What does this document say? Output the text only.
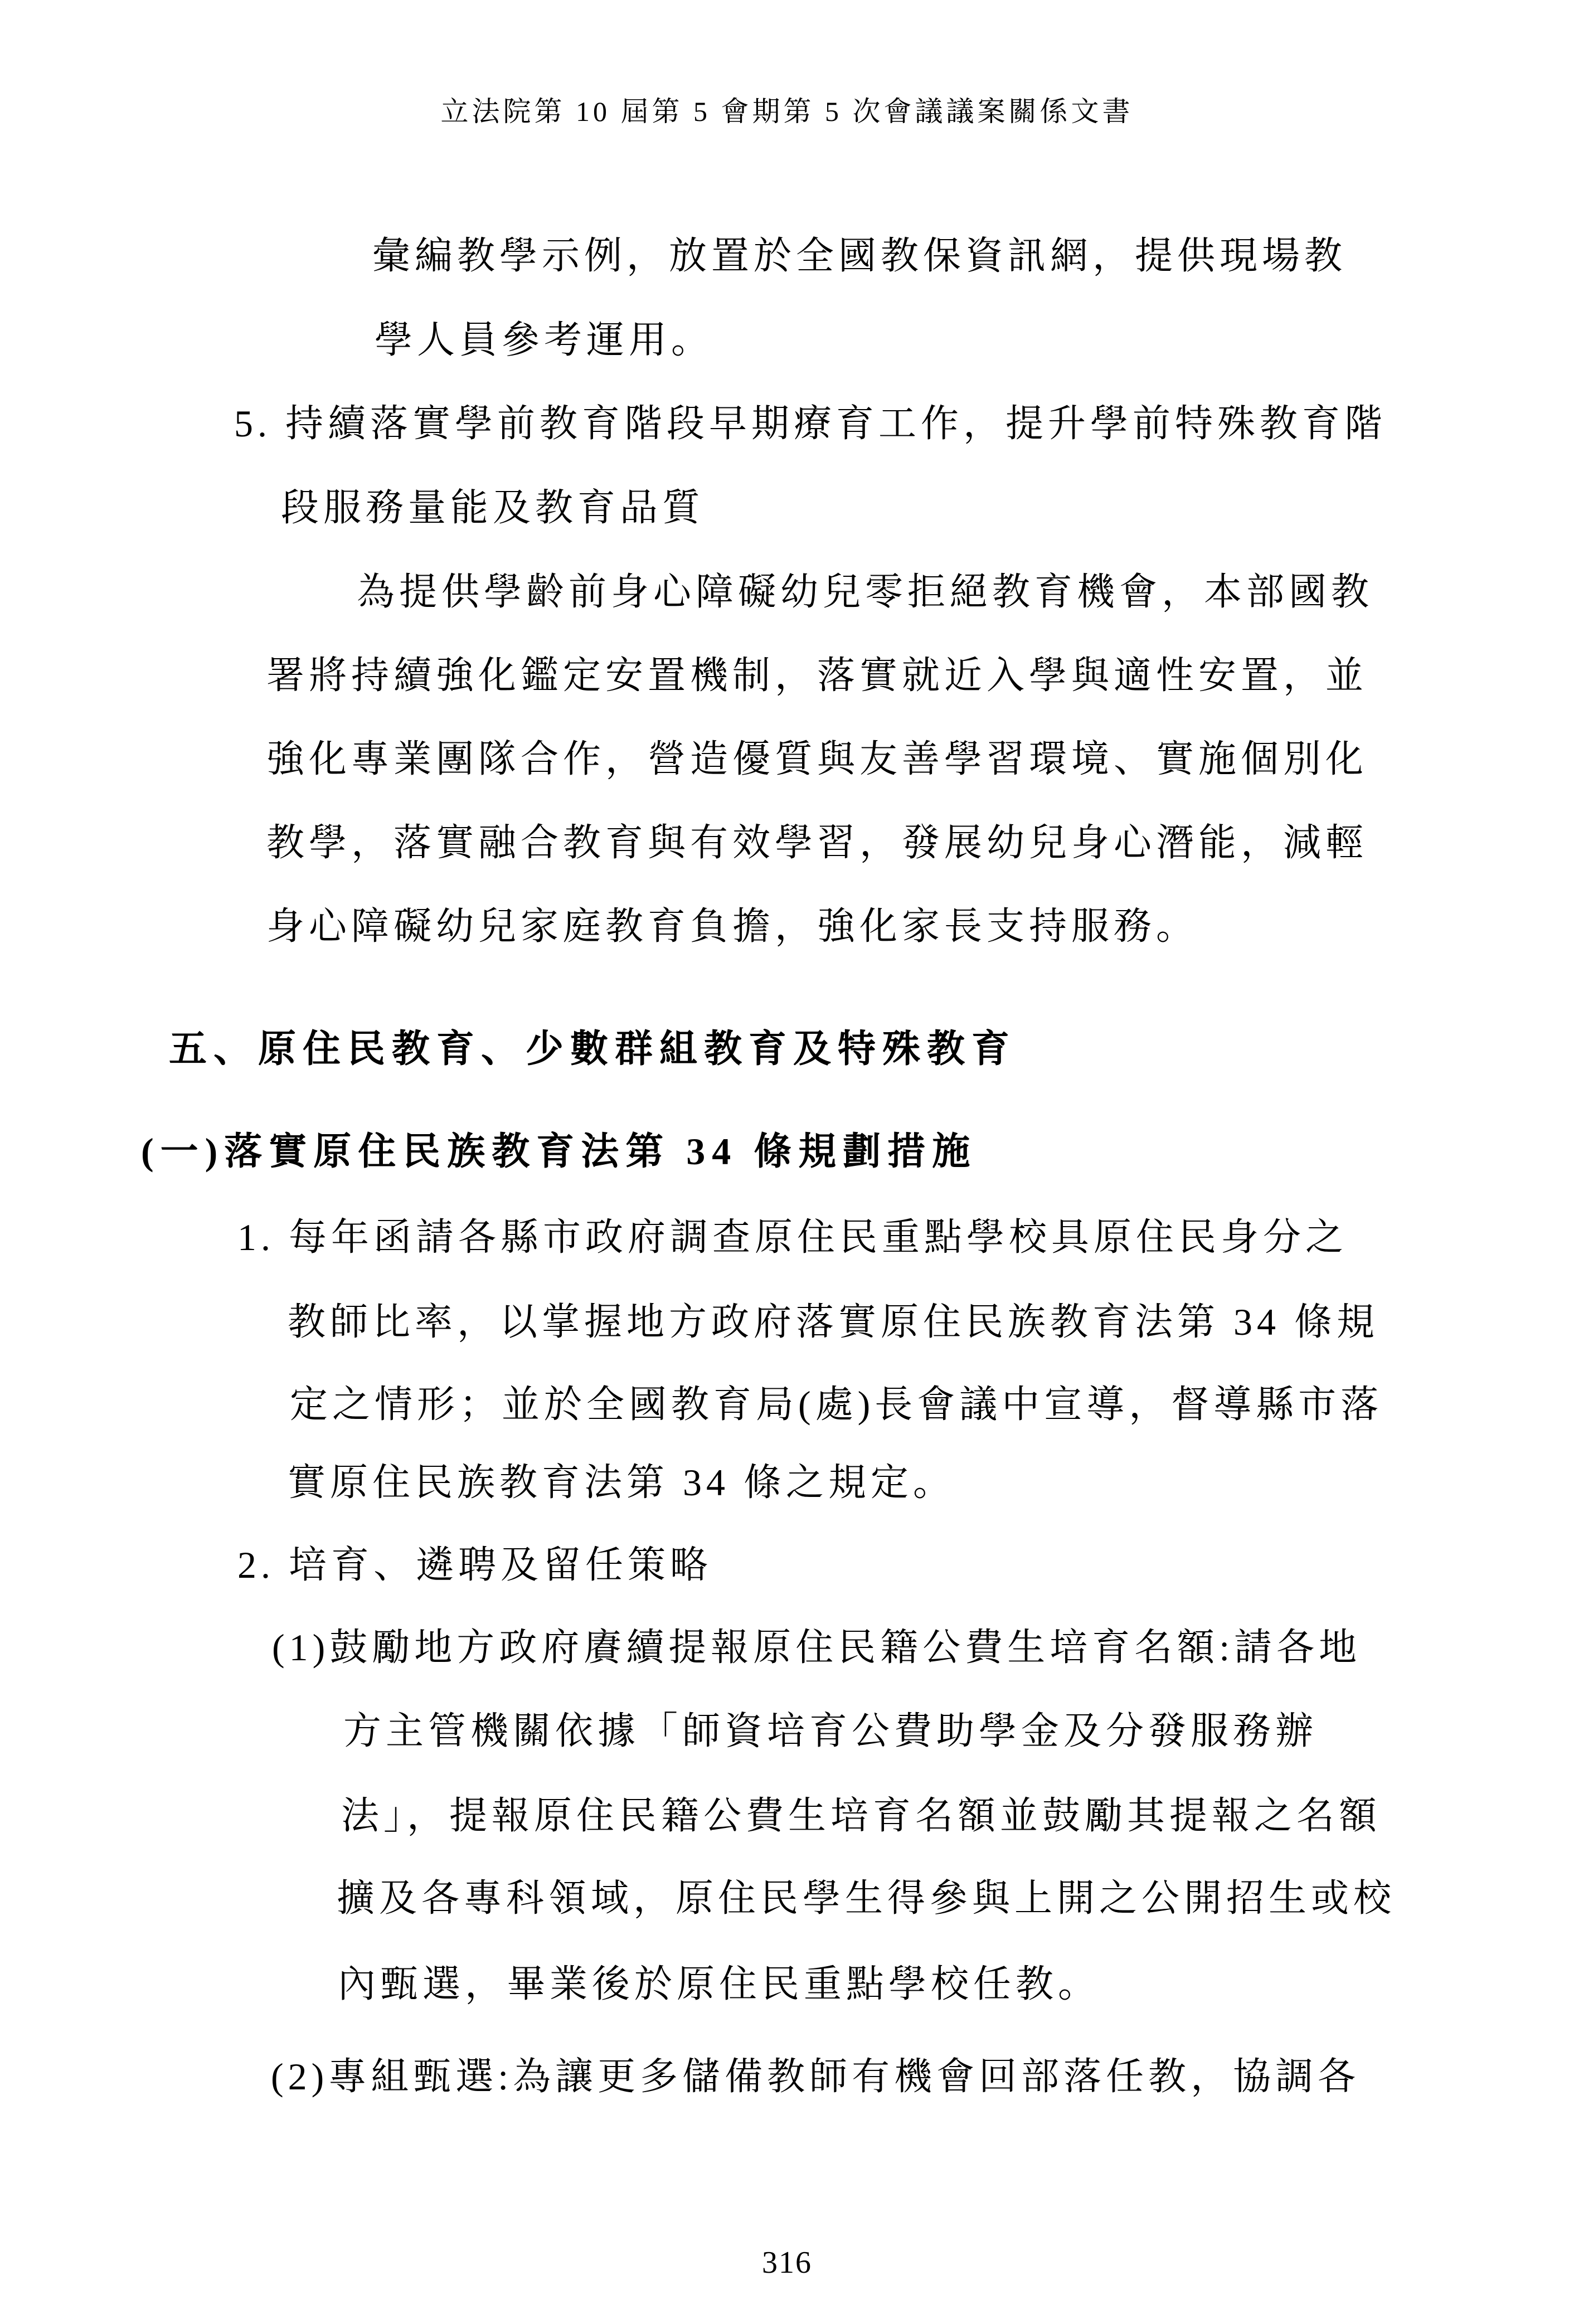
立法院第 10 屆第 5 會期第 5 次會議議案關係文書
彙編教學示例，放置於全國教保資訊網，提供現場教
學人員參考運用。
5. 持續落實學前教育階段早期療育工作，提升學前特殊教育階
段服務量能及教育品質
為提供學齡前身心障礙幼兒零拒絕教育機會，本部國教
署將持續強化鑑定安置機制，落實就近入學與適性安置，並
強化專業團隊合作，營造優質與友善學習環境、實施個別化
教學，落實融合教育與有效學習，發展幼兒身心潛能，減輕
身心障礙幼兒家庭教育負擔，強化家長支持服務。
五、原住民教育、少數群組教育及特殊教育
(一)落實原住民族教育法第 34 條規劃措施
1. 每年函請各縣市政府調查原住民重點學校具原住民身分之
教師比率，以掌握地方政府落實原住民族教育法第 34 條規
定之情形；並於全國教育局(處)長會議中宣導，督導縣市落
實原住民族教育法第 34 條之規定。
2. 培育、遴聘及留任策略
(1)鼓勵地方政府賡續提報原住民籍公費生培育名額:請各地
方主管機關依據「師資培育公費助學金及分發服務辦
法」，提報原住民籍公費生培育名額並鼓勵其提報之名額
擴及各專科領域，原住民學生得參與上開之公開招生或校
內甄選，畢業後於原住民重點學校任教。
(2)專組甄選:為讓更多儲備教師有機會回部落任教，協調各
316
